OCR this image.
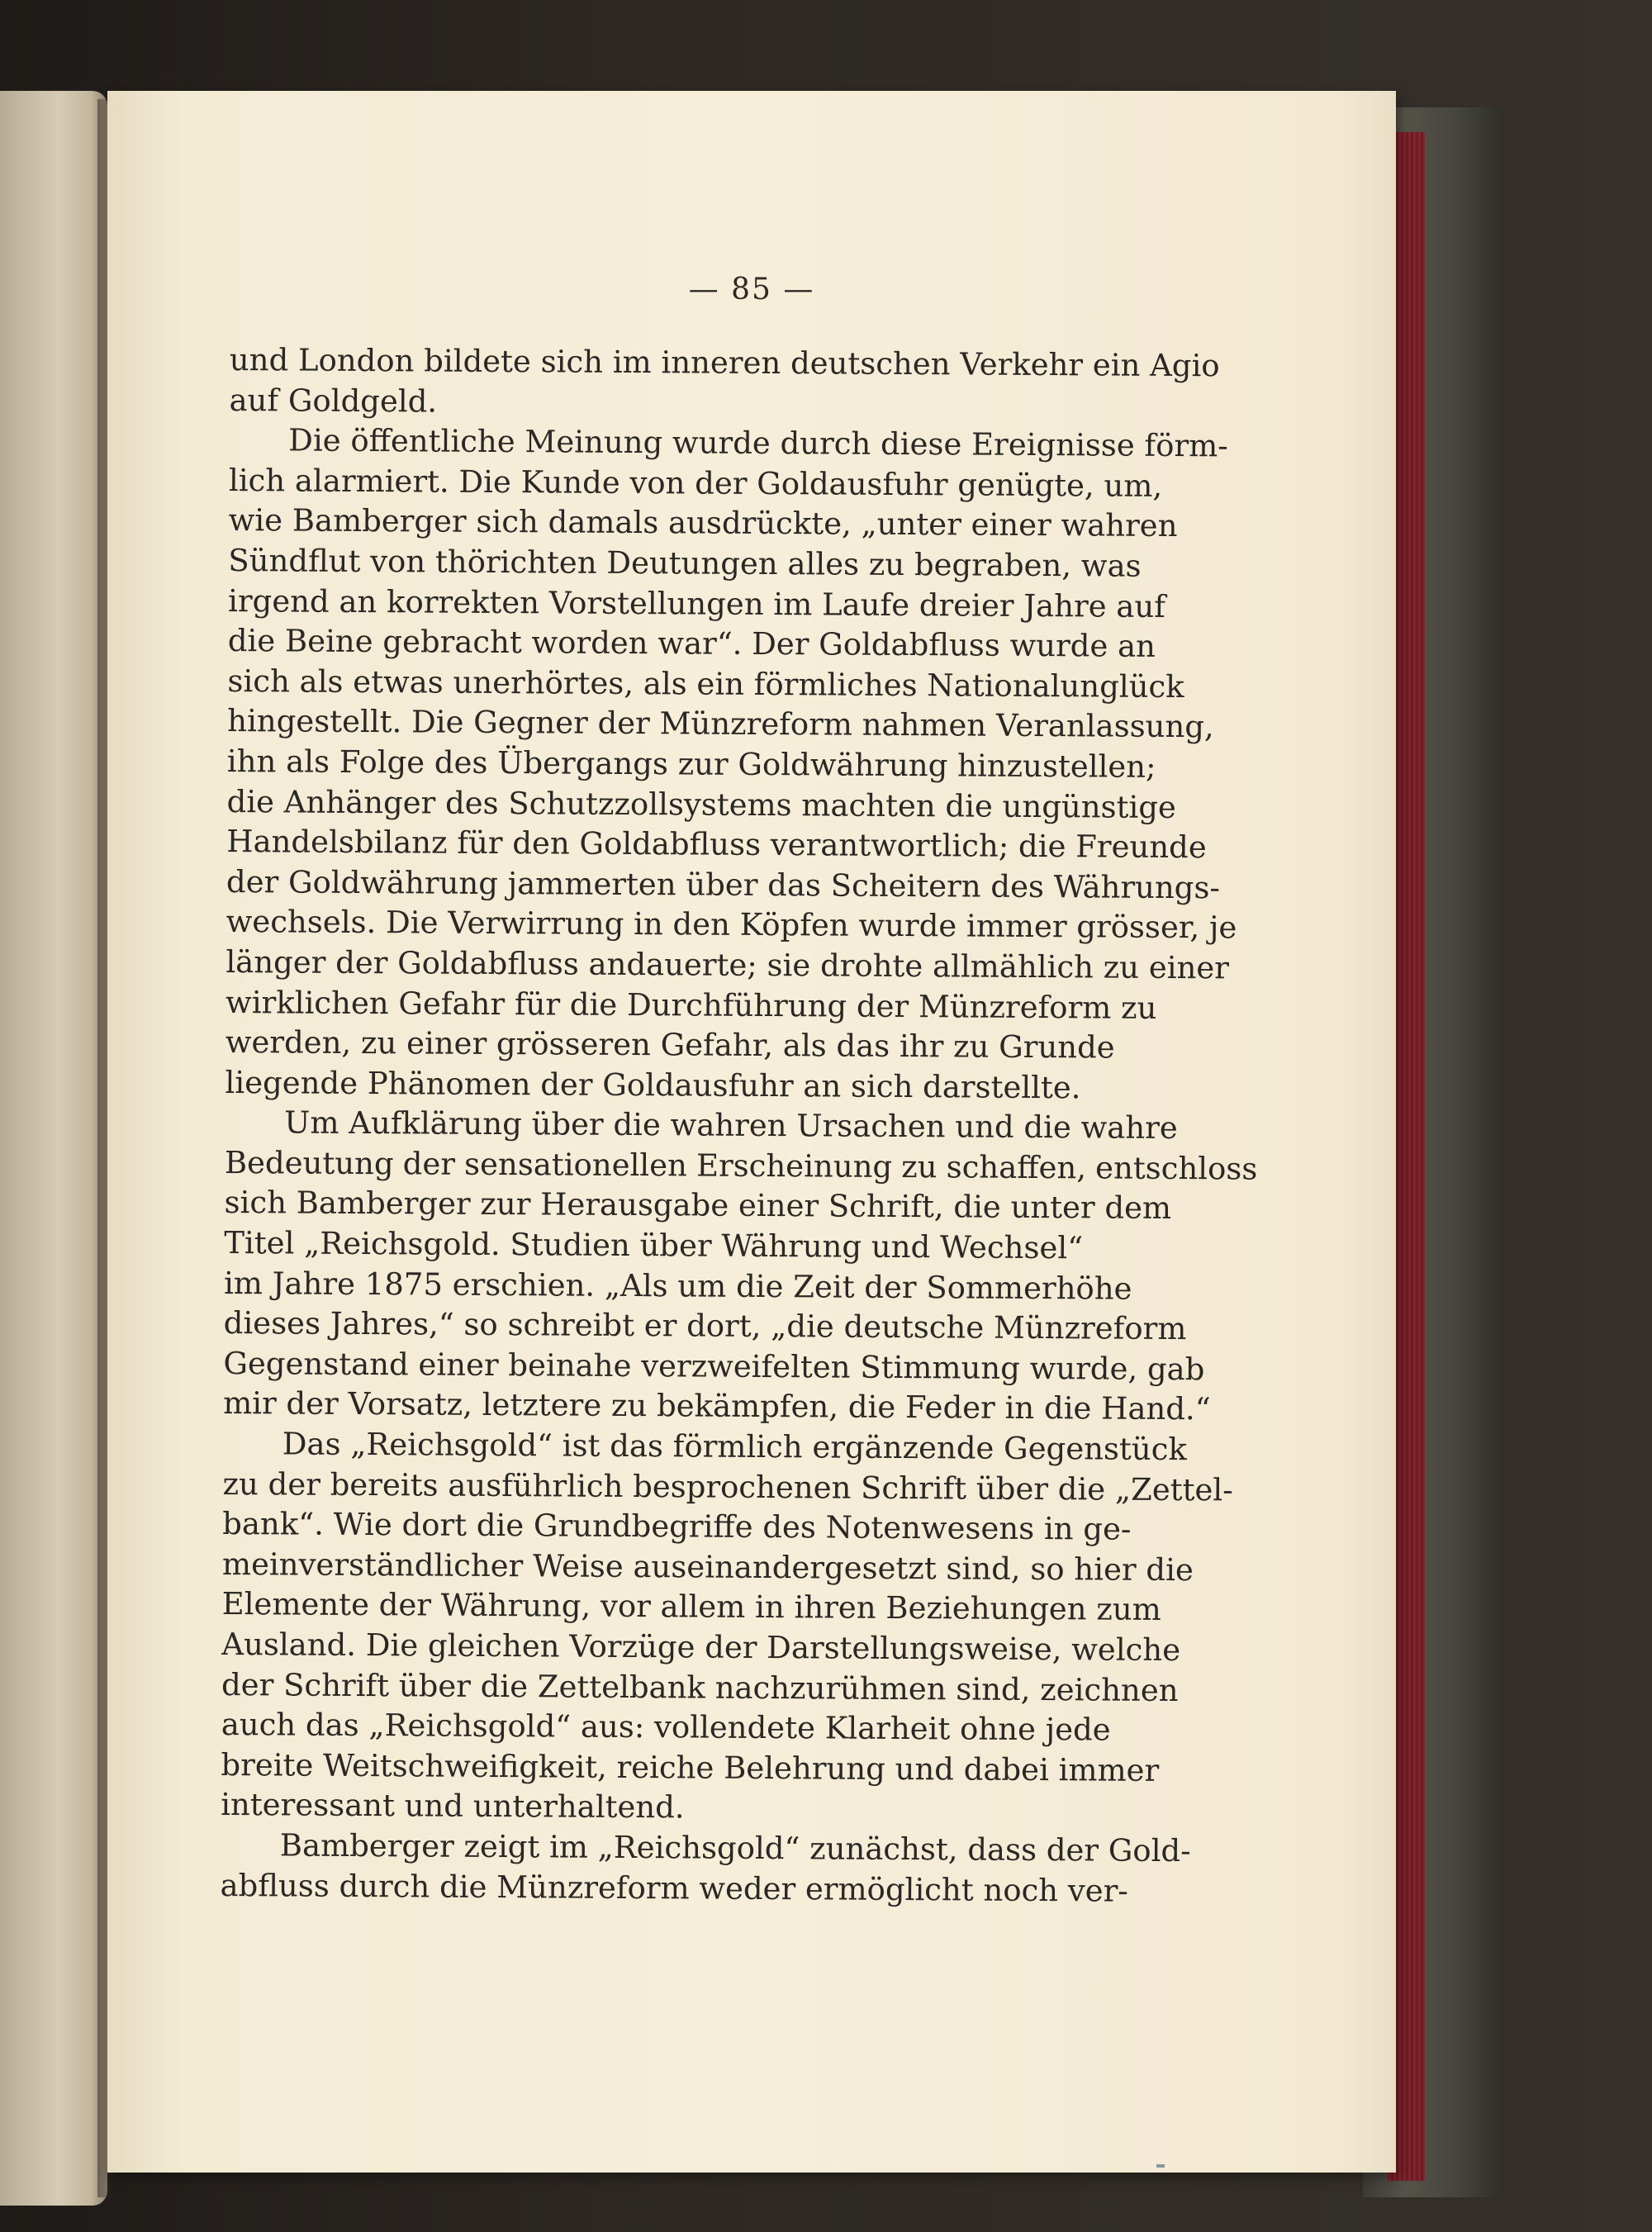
— 85 —
und London bildete sich im inneren deutschen Verkehr ein Agio
auf Goldgeld.
Die öffentliche Meinung wurde durch diese Ereignisse förm-
lich alarmiert. Die Kunde von der Goldausfuhr genügte, um,
wie Bamberger sich damals ausdrückte, „unter einer wahren
Sündflut von thörichten Deutungen alles zu begraben, was
irgend an korrekten Vorstellungen im Laufe dreier Jahre auf
die Beine gebracht worden war“. Der Goldabfluss wurde an
sich als etwas unerhörtes, als ein förmliches Nationalunglück
hingestellt. Die Gegner der Münzreform nahmen Veranlassung,
ihn als Folge des Übergangs zur Goldwährung hinzustellen;
die Anhänger des Schutzzollsystems machten die ungünstige
Handelsbilanz für den Goldabfluss verantwortlich; die Freunde
der Goldwährung jammerten über das Scheitern des Währungs-
wechsels. Die Verwirrung in den Köpfen wurde immer grösser, je
länger der Goldabfluss andauerte; sie drohte allmählich zu einer
wirklichen Gefahr für die Durchführung der Münzreform zu
werden, zu einer grösseren Gefahr, als das ihr zu Grunde
liegende Phänomen der Goldausfuhr an sich darstellte.
Um Aufklärung über die wahren Ursachen und die wahre
Bedeutung der sensationellen Erscheinung zu schaffen, entschloss
sich Bamberger zur Herausgabe einer Schrift, die unter dem
Titel „Reichsgold. Studien über Währung und Wechsel“
im Jahre 1875 erschien. „Als um die Zeit der Sommerhöhe
dieses Jahres,“ so schreibt er dort, „die deutsche Münzreform
Gegenstand einer beinahe verzweifelten Stimmung wurde, gab
mir der Vorsatz, letztere zu bekämpfen, die Feder in die Hand.“
Das „Reichsgold“ ist das förmlich ergänzende Gegenstück
zu der bereits ausführlich besprochenen Schrift über die „Zettel-
bank“. Wie dort die Grundbegriffe des Notenwesens in ge-
meinverständlicher Weise auseinandergesetzt sind, so hier die
Elemente der Währung, vor allem in ihren Beziehungen zum
Ausland. Die gleichen Vorzüge der Darstellungsweise, welche
der Schrift über die Zettelbank nachzurühmen sind, zeichnen
auch das „Reichsgold“ aus: vollendete Klarheit ohne jede
breite Weitschweifigkeit, reiche Belehrung und dabei immer
interessant und unterhaltend.
Bamberger zeigt im „Reichsgold“ zunächst, dass der Gold-
abfluss durch die Münzreform weder ermöglicht noch ver-
